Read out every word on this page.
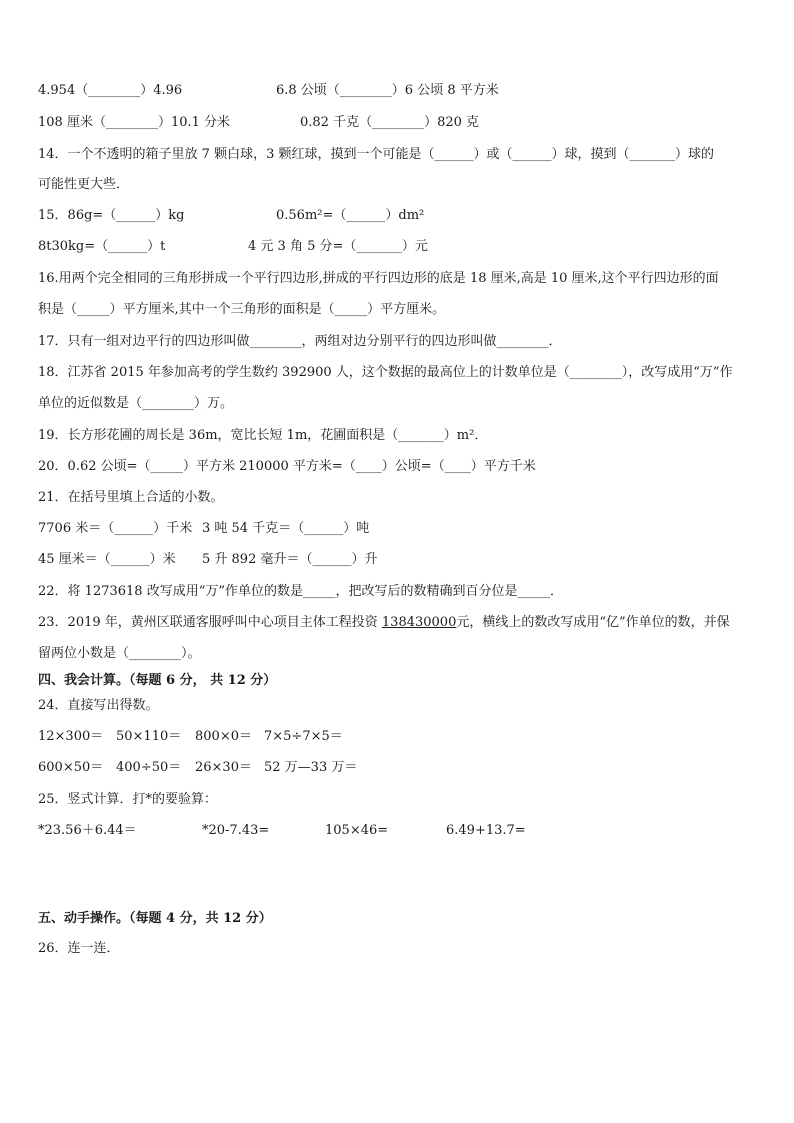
4.954（________）4.96	6.8 公顷（________）6 公顷 8 平方米
108 厘米（________）10.1 分米	0.82 千克（________）820 克
14．一个不透明的箱子里放 7 颗白球，3 颗红球，摸到一个可能是（______）或（______）球，摸到（_______）球的
可能性更大些．
15．86g=（______）kg	0.56m²=（______）dm²
8t30kg=（______）t	4 元 3 角 5 分=（_______）元
16.用两个完全相同的三角形拼成一个平行四边形,拼成的平行四边形的底是 18 厘米,高是 10 厘米,这个平行四边形的面
积是（_____）平方厘米,其中一个三角形的面积是（_____）平方厘米。
17．只有一组对边平行的四边形叫做________，两组对边分别平行的四边形叫做________．
18．江苏省 2015 年参加高考的学生数约 392900 人，这个数据的最高位上的计数单位是（________），改写成用“万”作
单位的近似数是（________）万。
19．长方形花圃的周长是 36m，宽比长短 1m，花圃面积是（_______）m²．
20．0.62 公顷=（_____）平方米 210000 平方米=（____）公顷=（____）平方千米
21．在括号里填上合适的小数。
7706 米＝（______）千米 3 吨 54 千克＝（______）吨
45 厘米＝（______）米 5 升 892 毫升＝（______）升
22．将 1273618 改写成用“万”作单位的数是_____，把改写后的数精确到百分位是_____．
23．2019 年，黄州区联通客服呼叫中心项目主体工程投资 138430000元，横线上的数改写成用“亿”作单位的数，并保
留两位小数是（________）。
四、我会计算。（每题 6 分， 共 12 分）
24．直接写出得数。
12×300＝ 50×110＝ 800×0＝ 7×5÷7×5＝
600×50＝ 400÷50＝ 26×30＝ 52 万—33 万＝
25．竖式计算．打*的要验算：
*23.56＋6.44＝	*20-7.43=	105×46=	6.49+13.7=
五、动手操作。（每题 4 分，共 12 分）
26．连一连．
